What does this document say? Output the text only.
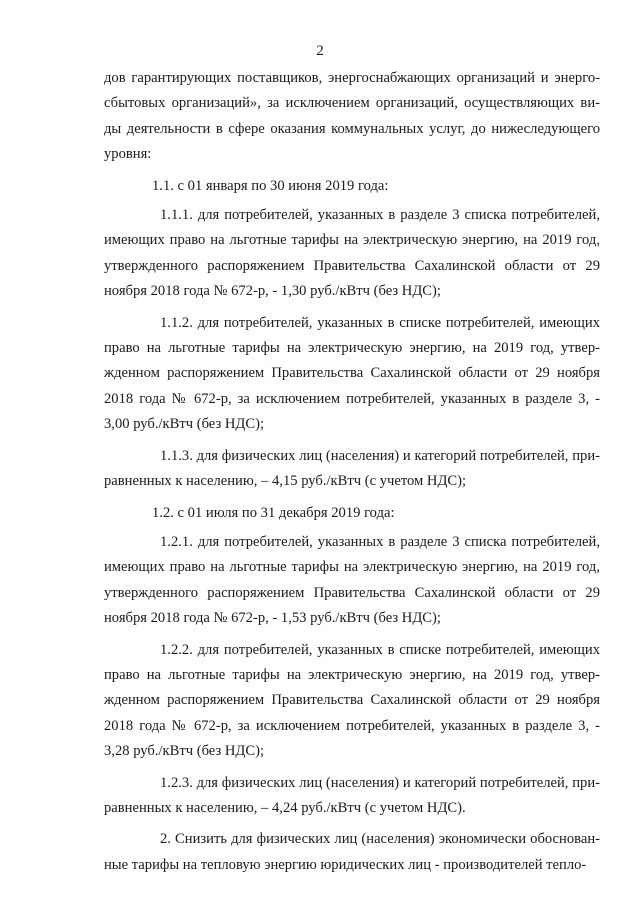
2

дов гарантирующих поставщиков, энергоснабжающих организаций и энерго-сбытовых организаций», за исключением организаций, осуществляющих ви-ды деятельности в сфере оказания коммунальных услуг, до нижеследующего уровня:

1.1. с 01 января по 30 июня 2019 года:

1.1.1. для потребителей, указанных в разделе 3 списка потребителей, имеющих право на льготные тарифы на электрическую энергию, на 2019 год, утвержденного распоряжением Правительства Сахалинской области от 29 ноября 2018 года № 672-р, - 1,30 руб./кВтч (без НДС);

1.1.2. для потребителей, указанных в списке потребителей, имеющих право на льготные тарифы на электрическую энергию, на 2019 год, утвер-жденном распоряжением Правительства Сахалинской области от 29 ноября 2018 года № 672-р, за исключением потребителей, указанных в разделе 3, - 3,00 руб./кВтч (без НДС);

1.1.3. для физических лиц (населения) и категорий потребителей, при-равненных к населению, – 4,15 руб./кВтч (с учетом НДС);

1.2. с 01 июля по 31 декабря 2019 года:

1.2.1. для потребителей, указанных в разделе 3 списка потребителей, имеющих право на льготные тарифы на электрическую энергию, на 2019 год, утвержденного распоряжением Правительства Сахалинской области от 29 ноября 2018 года № 672-р, - 1,53 руб./кВтч (без НДС);

1.2.2. для потребителей, указанных в списке потребителей, имеющих право на льготные тарифы на электрическую энергию, на 2019 год, утвер-жденном распоряжением Правительства Сахалинской области от 29 ноября 2018 года № 672-р, за исключением потребителей, указанных в разделе 3, - 3,28 руб./кВтч (без НДС);

1.2.3. для физических лиц (населения) и категорий потребителей, при-равненных к населению, – 4,24 руб./кВтч (с учетом НДС).

2. Снизить для физических лиц (населения) экономически обоснован-ные тарифы на тепловую энергию юридических лиц - производителей тепло-
